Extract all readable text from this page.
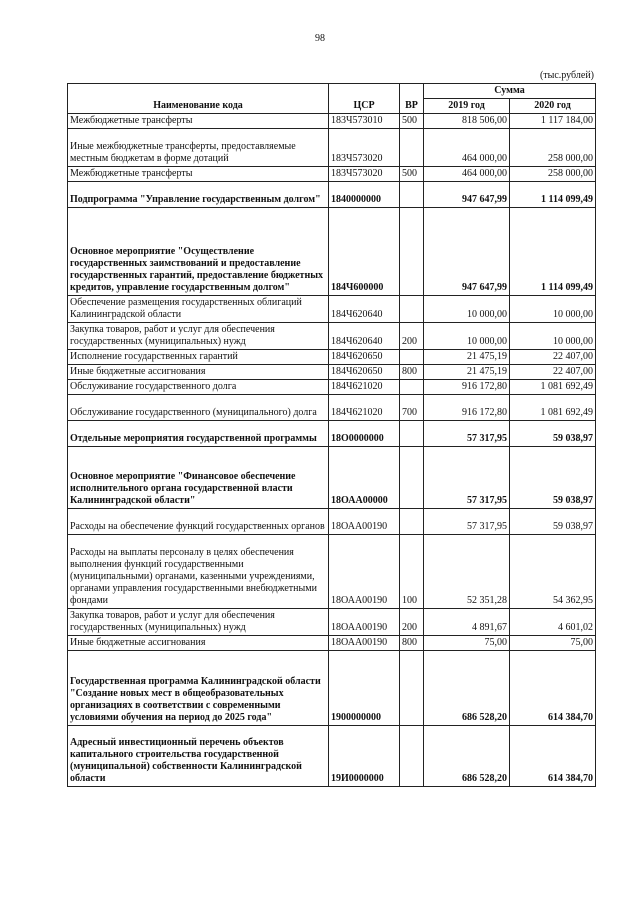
98
(тыс.рублей)
Наименование кода	ЦСР	ВР	Сумма	
			2019 год	2020 год
Межбюджетные трансферты	183Ч573010	500	818 506,00	1 117 184,00
Иные межбюджетные трансферты, предоставляемые местным бюджетам в форме дотаций	183Ч573020		464 000,00	258 000,00
Межбюджетные трансферты	183Ч573020	500	464 000,00	258 000,00
Подпрограмма "Управление государственным долгом"	1840000000		947 647,99	1 114 099,49
Основное мероприятие "Осуществление государственных заимствований и предоставление государственных гарантий, предоставление бюджетных кредитов, управление государственным долгом"	184Ч600000		947 647,99	1 114 099,49
Обеспечение размещения государственных облигаций Калининградской области	184Ч620640		10 000,00	10 000,00
Закупка товаров, работ и услуг для обеспечения государственных (муниципальных) нужд	184Ч620640	200	10 000,00	10 000,00
Исполнение государственных гарантий	184Ч620650		21 475,19	22 407,00
Иные бюджетные ассигнования	184Ч620650	800	21 475,19	22 407,00
Обслуживание государственного долга	184Ч621020		916 172,80	1 081 692,49
Обслуживание государственного (муниципального) долга	184Ч621020	700	916 172,80	1 081 692,49
Отдельные мероприятия государственной программы	18О0000000		57 317,95	59 038,97
Основное мероприятие "Финансовое обеспечение исполнительного органа государственной власти Калининградской области"	18ОАА00000		57 317,95	59 038,97
Расходы на обеспечение функций государственных органов	18ОАА00190		57 317,95	59 038,97
Расходы на выплаты персоналу в целях обеспечения выполнения функций государственными (муниципальными) органами, казенными учреждениями, органами управления государственными внебюджетными фондами	18ОАА00190	100	52 351,28	54 362,95
Закупка товаров, работ и услуг для обеспечения государственных (муниципальных) нужд	18ОАА00190	200	4 891,67	4 601,02
Иные бюджетные ассигнования	18ОАА00190	800	75,00	75,00
Государственная программа Калининградской области "Создание новых мест в общеобразовательных организациях в соответствии с современными условиями обучения на период до 2025 года"	1900000000		686 528,20	614 384,70
Адресный инвестиционный перечень объектов капитального строительства государственной (муниципальной) собственности Калининградской области	19И0000000		686 528,20	614 384,70
